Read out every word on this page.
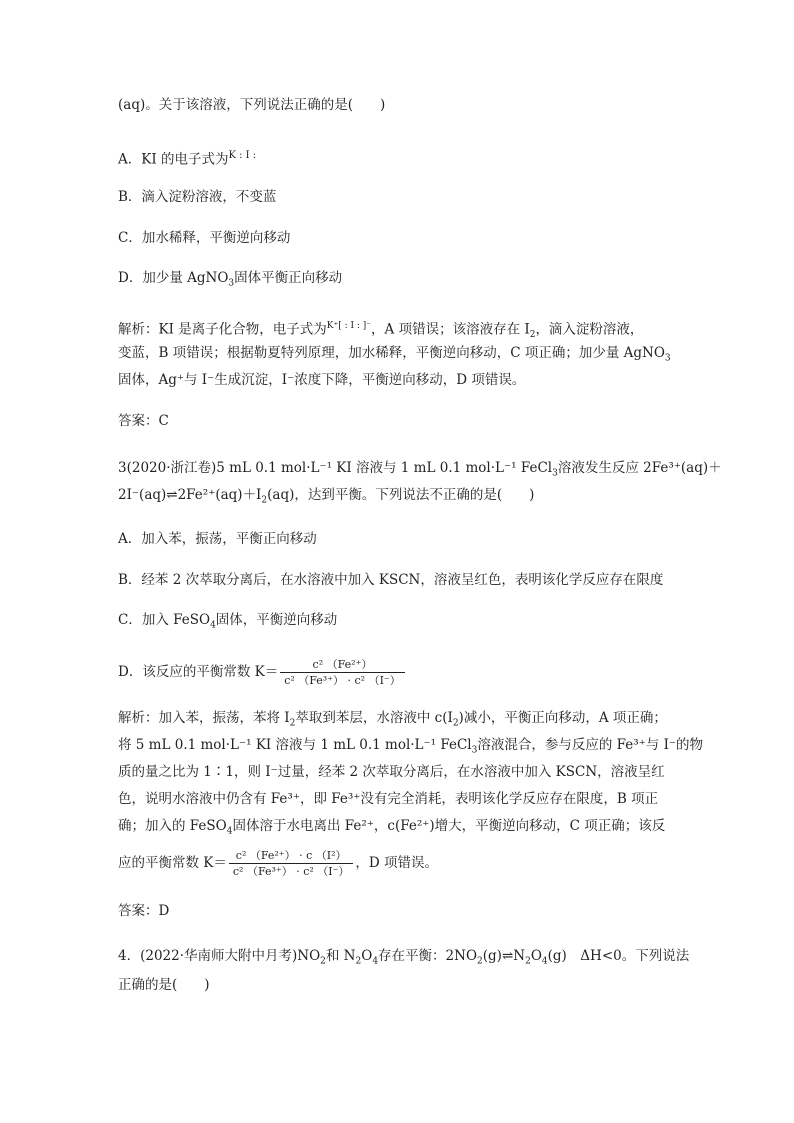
(aq)。关于该溶液，下列说法正确的是(　　)
A．KI 的电子式为$^{K : I :}$
B．滴入淀粉溶液，不变蓝
C．加水稀释，平衡逆向移动
D．加少量 AgNO$_3$固体平衡正向移动
解析：KI 是离子化合物，电子式为$^{K^+[ : I : ]^-}$，A 项错误；该溶液存在 $I_2$，滴入淀粉溶液，
变蓝，B 项错误；根据勒夏特列原理，加水稀释，平衡逆向移动，C 项正确；加少量 AgNO$_3$
固体，Ag⁺与 I⁻生成沉淀，I⁻浓度下降，平衡逆向移动，D 项错误。
答案：C
3(2020·浙江卷)5 mL 0.1 mol·L⁻¹ KI 溶液与 1 mL 0.1 mol·L⁻¹ FeCl$_3$溶液发生反应 2Fe³⁺(aq)＋
$2I^-(aq)\rightleftharpoons 2Fe^{2+}(aq)+I_2(aq)$，达到平衡。下列说法不正确的是(　　)
A．加入苯，振荡，平衡正向移动
B．经苯 2 次萃取分离后，在水溶液中加入 KSCN，溶液呈红色，表明该化学反应存在限度
C．加入 FeSO$_4$固体，平衡逆向移动
D．该反应的平衡常数 $K= \frac{\text{c² （Fe²⁺）}}{\text{c² （Fe³⁺） · c² （I⁻）}}$
解析：加入苯，振荡，苯将 $I_2$萃取到苯层，水溶液中 $c(I_2)$减小，平衡正向移动，A 项正确；
将 5 mL 0.1 mol·L⁻¹ KI 溶液与 1 mL 0.1 mol·L⁻¹ FeCl$_3$溶液混合，参与反应的 Fe³⁺与 I⁻的物
质的量之比为 1∶1，则 I⁻过量，经苯 2 次萃取分离后，在水溶液中加入 KSCN，溶液呈红
色，说明水溶液中仍含有 Fe³⁺，即 Fe³⁺没有完全消耗，表明该化学反应存在限度，B 项正
确；加入的 FeSO$_4$固体溶于水电离出 Fe²⁺，c(Fe²⁺)增大，平衡逆向移动，C 项正确；该反
应的平衡常数 $K= \frac{\text{c² （Fe²⁺） · c （I²）}}{\text{c² （Fe³⁺） · c² （I⁻）}}$ ，D 项错误。
答案：D
4．(2022·华南师大附中月考)$NO_2$和 $N_2O_4$存在平衡：$2NO_2(g)\rightleftharpoons N_2O_4(g)$　ΔH<0。下列说法
正确的是(　　)
